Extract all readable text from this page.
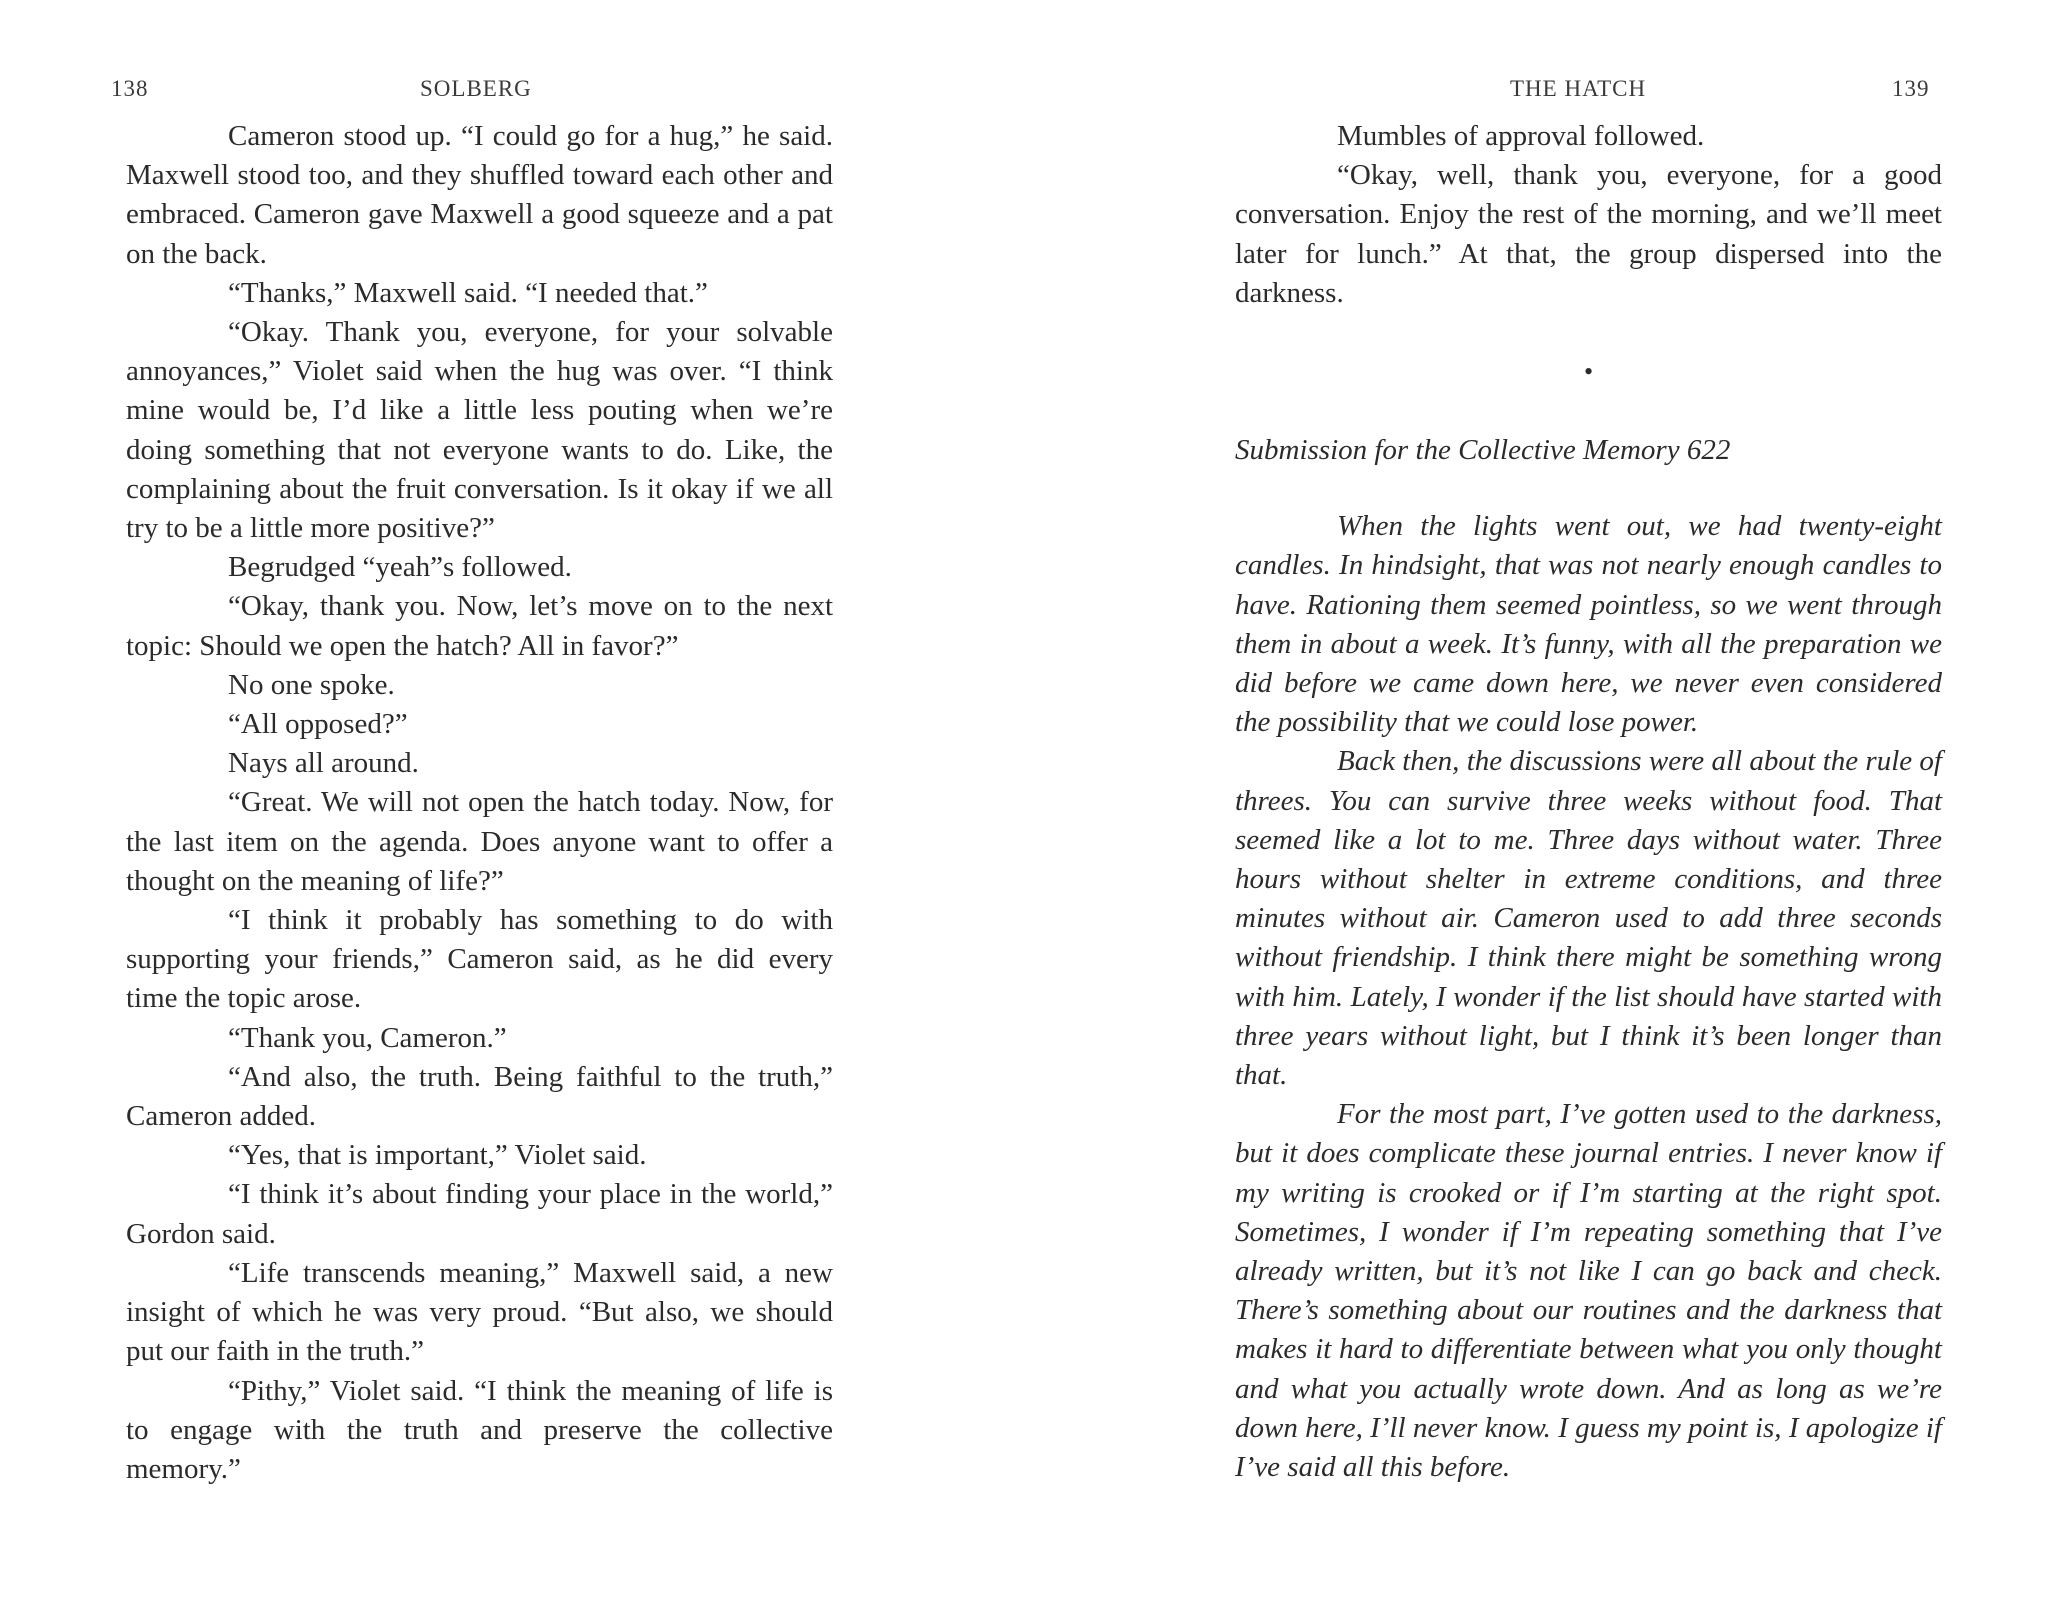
138	SOLBERG

Cameron stood up. “I could go for a hug,” he said. Maxwell stood too, and they shuffled toward each other and embraced. Cameron gave Maxwell a good squeeze and a pat on the back.

“Thanks,” Maxwell said. “I needed that.”

“Okay. Thank you, everyone, for your solvable annoyances,” Violet said when the hug was over. “I think mine would be, I’d like a little less pouting when we’re doing something that not everyone wants to do. Like, the complaining about the fruit conversation. Is it okay if we all try to be a little more positive?”

Begrudged “yeah”s followed.

“Okay, thank you. Now, let’s move on to the next topic: Should we open the hatch? All in favor?”

No one spoke.

“All opposed?”

Nays all around.

“Great. We will not open the hatch today. Now, for the last item on the agenda. Does anyone want to offer a thought on the meaning of life?”

“I think it probably has something to do with supporting your friends,” Cameron said, as he did every time the topic arose.

“Thank you, Cameron.”

“And also, the truth. Being faithful to the truth,” Cameron added.

“Yes, that is important,” Violet said.

“I think it’s about finding your place in the world,” Gordon said.

“Life transcends meaning,” Maxwell said, a new insight of which he was very proud. “But also, we should put our faith in the truth.”

“Pithy,” Violet said. “I think the meaning of life is to engage with the truth and preserve the collective memory.”

THE HATCH	139

Mumbles of approval followed.

“Okay, well, thank you, everyone, for a good conversation. Enjoy the rest of the morning, and we’ll meet later for lunch.” At that, the group dispersed into the darkness.

•

Submission for the Collective Memory 622

When the lights went out, we had twenty-eight candles. In hindsight, that was not nearly enough candles to have. Rationing them seemed pointless, so we went through them in about a week. It’s funny, with all the preparation we did before we came down here, we never even considered the possibility that we could lose power.

Back then, the discussions were all about the rule of threes. You can survive three weeks without food. That seemed like a lot to me. Three days without water. Three hours without shelter in extreme conditions, and three minutes without air. Cameron used to add three seconds without friendship. I think there might be something wrong with him. Lately, I wonder if the list should have started with three years without light, but I think it’s been longer than that.

For the most part, I’ve gotten used to the darkness, but it does complicate these journal entries. I never know if my writing is crooked or if I’m starting at the right spot. Sometimes, I wonder if I’m repeating something that I’ve already written, but it’s not like I can go back and check. There’s something about our routines and the darkness that makes it hard to differentiate between what you only thought and what you actually wrote down. And as long as we’re down here, I’ll never know. I guess my point is, I apologize if I’ve said all this before.
